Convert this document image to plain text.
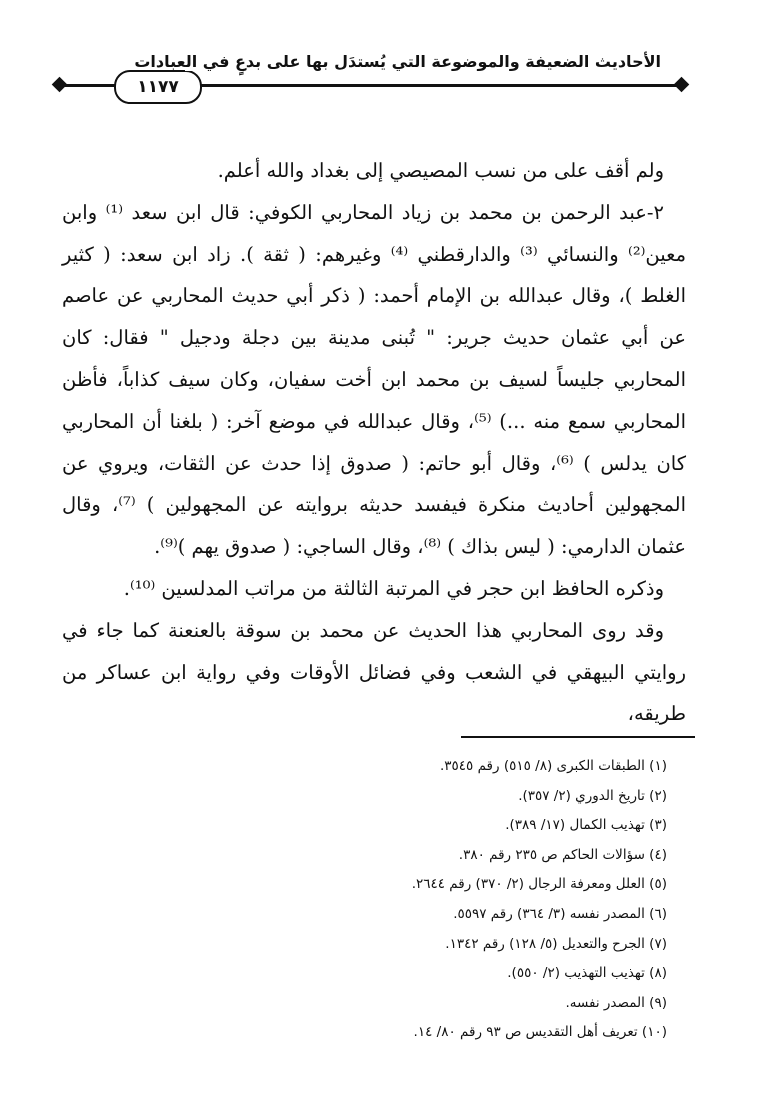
١١٧٧
الأحاديث الضعيفة والموضوعة التي يُستدَل بها على بدعٍ في العبادات

ولم أقف على من نسب المصيصي إلى بغداد والله أعلم.

٢-عبد الرحمن بن محمد بن زياد المحاربي الكوفي: قال ابن سعد ⁽¹⁾ وابن معين⁽²⁾ والنسائي ⁽³⁾ والدارقطني ⁽⁴⁾ وغيرهم: ( ثقة ). زاد ابن سعد: ( كثير الغلط )، وقال عبدالله بن الإمام أحمد: ( ذكر أبي حديث المحاربي عن عاصم عن أبي عثمان حديث جرير: " تُبنى مدينة بين دجلة ودجيل " فقال: كان المحاربي جليساً لسيف بن محمد ابن أخت سفيان، وكان سيف كذاباً، فأظن المحاربي سمع منه ...) ⁽⁵⁾، وقال عبدالله في موضع آخر: ( بلغنا أن المحاربي كان يدلس ) ⁽⁶⁾، وقال أبو حاتم: ( صدوق إذا حدث عن الثقات، ويروي عن المجهولين أحاديث منكرة فيفسد حديثه بروايته عن المجهولين ) ⁽⁷⁾، وقال عثمان الدارمي: ( ليس بذاك ) ⁽⁸⁾، وقال الساجي: ( صدوق يهم )⁽⁹⁾.

وذكره الحافظ ابن حجر في المرتبة الثالثة من مراتب المدلسين ⁽¹⁰⁾.

وقد روى المحاربي هذا الحديث عن محمد بن سوقة بالعنعنة كما جاء في روايتي البيهقي في الشعب وفي فضائل الأوقات وفي رواية ابن عساكر من طريقه،

(١) الطبقات الكبرى (٨/ ٥١٥) رقم ٣٥٤٥.
(٢) تاريخ الدوري (٢/ ٣٥٧).
(٣) تهذيب الكمال (١٧/ ٣٨٩).
(٤) سؤالات الحاكم ص ٢٣٥ رقم ٣٨٠.
(٥) العلل ومعرفة الرجال (٢/ ٣٧٠) رقم ٢٦٤٤.
(٦) المصدر نفسه (٣/ ٣٦٤) رقم ٥٥٩٧.
(٧) الجرح والتعديل (٥/ ١٢٨) رقم ١٣٤٢.
(٨) تهذيب التهذيب (٢/ ٥٥٠).
(٩) المصدر نفسه.
(١٠) تعريف أهل التقديس ص ٩٣ رقم ٨٠/ ١٤.
